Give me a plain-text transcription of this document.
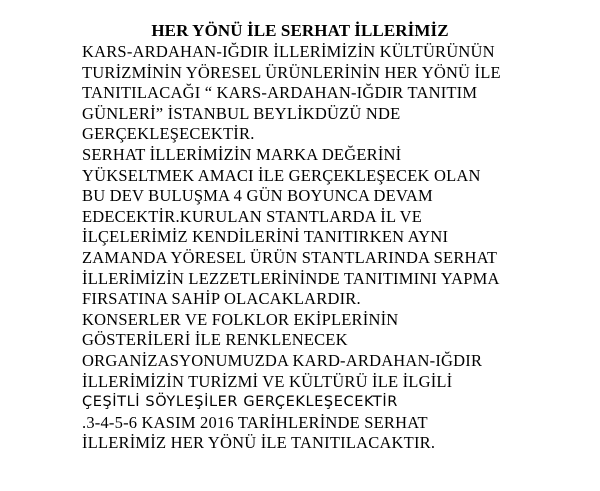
HER YÖNÜ İLE SERHAT İLLERİMİZ
KARS-ARDAHAN-IĞDIR İLLERİMİZİN KÜLTÜRÜNÜN
TURİZMİNİN YÖRESEL ÜRÜNLERİNİN HER YÖNÜ İLE
TANITILACAĞI “ KARS-ARDAHAN-IĞDIR TANITIM
GÜNLERİ” İSTANBUL BEYLİKDÜZÜ NDE
GERÇEKLEŞECEKTİR.
SERHAT İLLERİMİZİN MARKA DEĞERİNİ
YÜKSELTMEK AMACI İLE GERÇEKLEŞECEK OLAN
BU DEV BULUŞMA 4 GÜN BOYUNCA DEVAM
EDECEKTİR.KURULAN STANTLARDA İL VE
İLÇELERİMİZ KENDİLERİNİ TANITIRKEN AYNI
ZAMANDA YÖRESEL ÜRÜN STANTLARINDA SERHAT
İLLERİMİZİN LEZZETLERİNİNDE TANITIMINI YAPMA
FIRSATINA SAHİP OLACAKLARDIR.
KONSERLER VE FOLKLOR EKİPLERİNİN
GÖSTERİLERİ İLE RENKLENECEK
ORGANİZASYONUMUZDA KARD-ARDAHAN-IĞDIR
İLLERİMİZİN TURİZMİ VE KÜLTÜRÜ İLE İLGİLİ
ÇEŞİTLİ SÖYLEŞİLER GERÇEKLEŞECEKTİR
.3-4-5-6 KASIM 2016 TARİHLERİNDE SERHAT
İLLERİMİZ HER YÖNÜ İLE TANITILACAKTIR.
